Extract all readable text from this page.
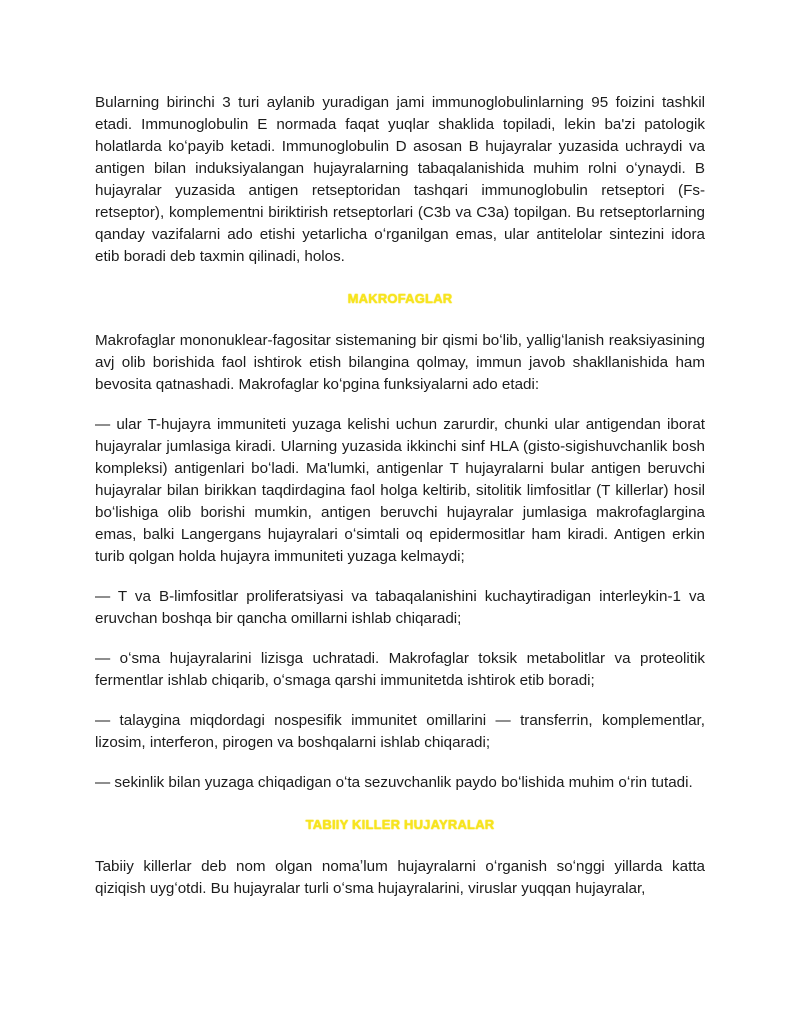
Bularning birinchi 3 turi aylanib yuradigan jami immunoglobulinlarning 95 foizini tashkil etadi. Immunoglobulin E normada faqat yuqlar shaklida topiladi, lekin ba'zi patologik holatlarda koʻpayib ketadi. Immunoglobulin D asosan B hujayralar yuzasida uchraydi va antigen bilan induksiyalangan hujayralarning tabaqalanishida muhim rolni oʻynaydi. B hujayralar yuzasida antigen retseptoridan tashqari immunoglobulin retseptori (Fs-retseptor), komplementni biriktirish retseptorlari (C3b va C3a) topilgan. Bu retseptorlarning qanday vazifalarni ado etishi yetarlicha oʻrganilgan emas, ular antitelolar sintezini idora etib boradi deb taxmin qilinadi, holos.

MAKROFAGLAR

Makrofaglar mononuklear-fagositar sistemaning bir qismi boʻlib, yalligʻlanish reaksiyasining avj olib borishida faol ishtirok etish bilangina qolmay, immun javob shakllanishida ham bevosita qatnashadi. Makrofaglar koʻpgina funksiyalarni ado etadi:

— ular T-hujayra immuniteti yuzaga kelishi uchun zarurdir, chunki ular antigendan iborat hujayralar jumlasiga kiradi. Ularning yuzasida ikkinchi sinf HLA (gisto-sigishuvchanlik bosh kompleksi) antigenlari boʻladi. Ma'lumki, antigenlar T hujayralarni bular antigen beruvchi hujayralar bilan birikkan taqdirdagina faol holga keltirib, sitolitik limfositlar (T killerlar) hosil boʻlishiga olib borishi mumkin, antigen beruvchi hujayralar jumlasiga makrofaglargina emas, balki Langergans hujayralari oʻsimtali oq epidermositlar ham kiradi. Antigen erkin turib qolgan holda hujayra immuniteti yuzaga kelmaydi;

— T va B-limfositlar proliferatsiyasi va tabaqalanishini kuchaytiradigan interleykin-1 va eruvchan boshqa bir qancha omillarni ishlab chiqaradi;

— oʻsma hujayralarini lizisga uchratadi. Makrofaglar toksik metabolitlar va proteolitik fermentlar ishlab chiqarib, oʻsmaga qarshi immunitetda ishtirok etib boradi;

— talaygina miqdordagi nospesifik immunitet omillarini — transferrin, komplementlar, lizosim, interferon, pirogen va boshqalarni ishlab chiqaradi;

— sekinlik bilan yuzaga chiqadigan oʻta sezuvchanlik paydo boʻlishida muhim oʻrin tutadi.

TABIIY KILLER HUJAYRALAR

Tabiiy killerlar deb nom olgan nomaʼlum hujayralarni oʻrganish soʻnggi yillarda katta qiziqish uygʻotdi. Bu hujayralar turli oʻsma hujayralarini, viruslar yuqqan hujayralar,
